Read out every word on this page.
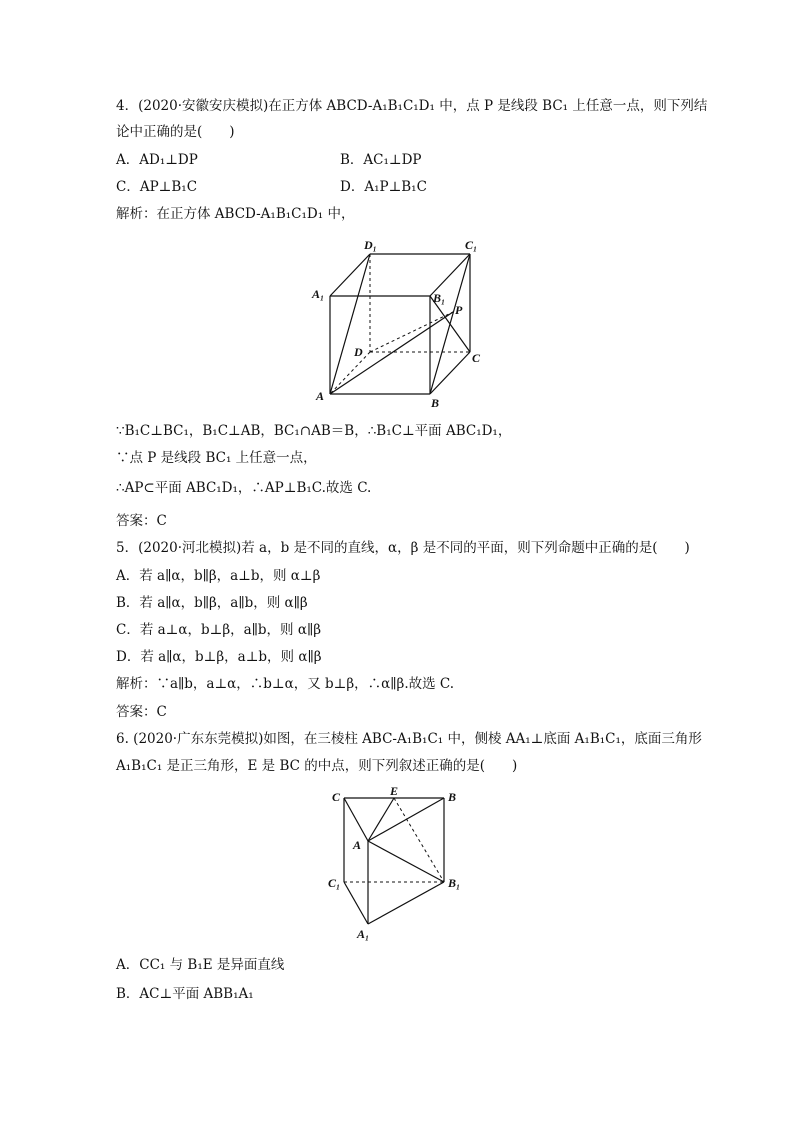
4．(2020·安徽安庆模拟)在正方体 ABCD-A₁B₁C₁D₁ 中，点 P 是线段 BC₁ 上任意一点，则下列结
论中正确的是(　　)
A．AD₁⊥DP	B．AC₁⊥DP
C．AP⊥B₁C	D．A₁P⊥B₁C
解析：在正方体 ABCD-A₁B₁C₁D₁ 中，
D₁	C₁
A₁	B₁
P
D	C
A	B
∵B₁C⊥BC₁，B₁C⊥AB，BC₁∩AB＝B，∴B₁C⊥平面 ABC₁D₁，
∵点 P 是线段 BC₁ 上任意一点，
∴AP⊂平面 ABC₁D₁，∴AP⊥B₁C.故选 C.
答案：C
5．(2020·河北模拟)若 a，b 是不同的直线，α，β 是不同的平面，则下列命题中正确的是(　　)
A．若 a∥α，b∥β，a⊥b，则 α⊥β
B．若 a∥α，b∥β，a∥b，则 α∥β
C．若 a⊥α，b⊥β，a∥b，则 α∥β
D．若 a∥α，b⊥β，a⊥b，则 α∥β
解析：∵a∥b，a⊥α，∴b⊥α，又 b⊥β，∴α∥β.故选 C.
答案：C
6. (2020·广东东莞模拟)如图，在三棱柱 ABC-A₁B₁C₁ 中，侧棱 AA₁⊥底面 A₁B₁C₁，底面三角形
A₁B₁C₁ 是正三角形，E 是 BC 的中点，则下列叙述正确的是(　　)
C	E	B
A
C₁	B₁
A₁
A．CC₁ 与 B₁E 是异面直线
B．AC⊥平面 ABB₁A₁
